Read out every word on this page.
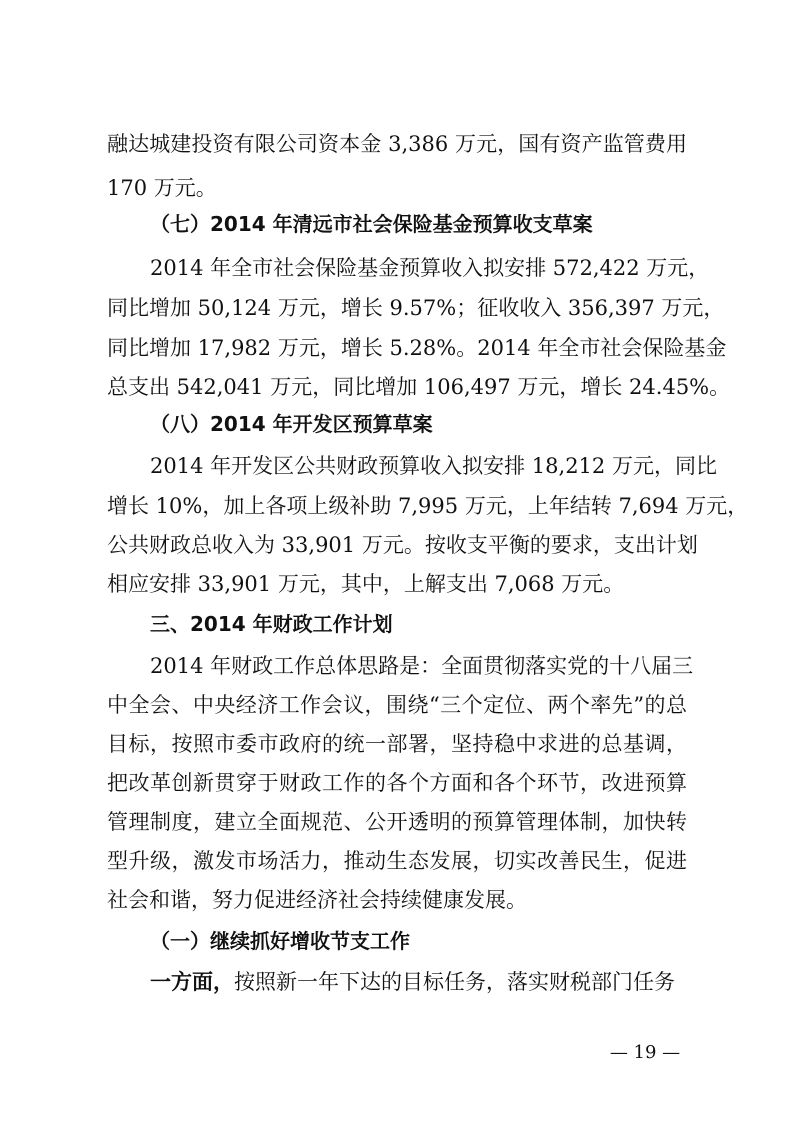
融达城建投资有限公司资本金 3,386 万元，国有资产监管费用
170 万元。
（七）2014 年清远市社会保险基金预算收支草案
2014 年全市社会保险基金预算收入拟安排 572,422 万元，
同比增加 50,124 万元，增长 9.57%；征收收入 356,397 万元，
同比增加 17,982 万元，增长 5.28%。2014 年全市社会保险基金
总支出 542,041 万元，同比增加 106,497 万元，增长 24.45%。
（八）2014 年开发区预算草案
2014 年开发区公共财政预算收入拟安排 18,212 万元，同比
增长 10%，加上各项上级补助 7,995 万元，上年结转 7,694 万元，
公共财政总收入为 33,901 万元。按收支平衡的要求，支出计划
相应安排 33,901 万元，其中，上解支出 7,068 万元。
三、2014 年财政工作计划
2014 年财政工作总体思路是：全面贯彻落实党的十八届三
中全会、中央经济工作会议，围绕“三个定位、两个率先”的总
目标，按照市委市政府的统一部署，坚持稳中求进的总基调，
把改革创新贯穿于财政工作的各个方面和各个环节，改进预算
管理制度，建立全面规范、公开透明的预算管理体制，加快转
型升级，激发市场活力，推动生态发展，切实改善民生，促进
社会和谐，努力促进经济社会持续健康发展。
（一）继续抓好增收节支工作
一方面，按照新一年下达的目标任务，落实财税部门任务
— 19 —
